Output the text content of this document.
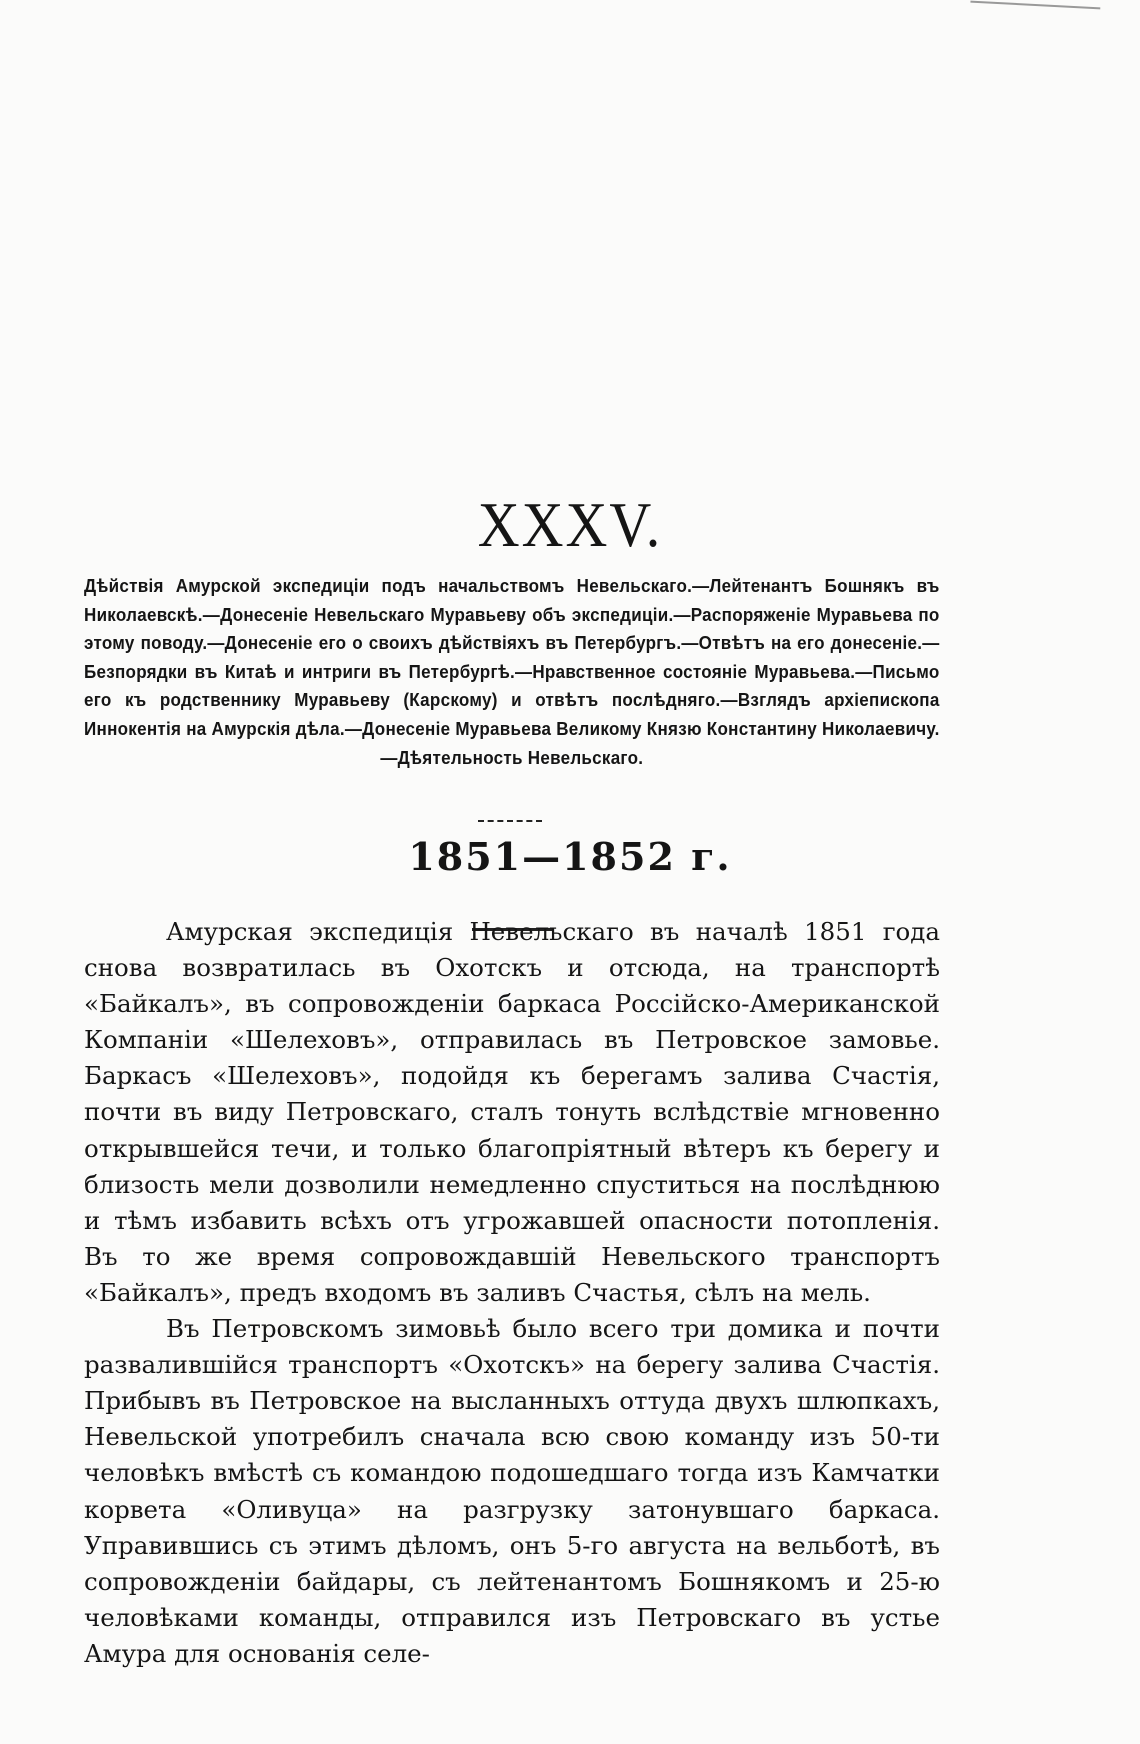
XXXV.
Дѣйствія Амурской экспедиціи подъ начальствомъ Невельскаго.—Лейтенантъ Бошнякъ въ Николаевскѣ.—Донесеніе Невельскаго Муравьеву объ экспедиціи.—Распоряженіе Муравьева по этому поводу.—Донесеніе его о своихъ дѣйствіяхъ въ Петербургъ.—Отвѣтъ на его донесеніе.—Безпорядки въ Китаѣ и интриги въ Петербургѣ.—Нравственное состояніе Муравьева.—Письмо его къ родственнику Муравьеву (Карскому) и отвѣтъ послѣдняго.—Взглядъ архіепископа Иннокентія на Амурскія дѣла.—Донесеніе Муравьева Великому Князю Константину Николаевичу.—Дѣятельность Невельскаго.
1851—1852 г.

Амурская экспедиція Невельскаго въ началѣ 1851 года снова возвратилась въ Охотскъ и отсюда, на транспортѣ «Байкалъ», въ сопровожденіи баркаса Россійско-Американской Компаніи «Шелеховъ», отправилась въ Петровское замовье. Баркасъ «Шелеховъ», подойдя къ берегамъ залива Счастія, почти въ виду Петровскаго, сталъ тонуть вслѣдствіе мгновенно открывшейся течи, и только благопріятный вѣтеръ къ берегу и близость мели дозволили немедленно спуститься на послѣднюю и тѣмъ избавить всѣхъ отъ угрожавшей опасности потопленія. Въ то же время сопровождавшій Невельского транспортъ «Байкалъ», предъ входомъ въ заливъ Счастья, сѣлъ на мель.

Въ Петровскомъ зимовьѣ было всего три домика и почти развалившійся транспортъ «Охотскъ» на берегу залива Счастія. Прибывъ въ Петровское на высланныхъ оттуда двухъ шлюпкахъ, Невельской употребилъ сначала всю свою команду изъ 50-ти человѣкъ вмѣстѣ съ командою подошедшаго тогда изъ Камчатки корвета «Оливуца» на разгрузку затонувшаго баркаса. Управившись съ этимъ дѣломъ, онъ 5-го августа на вельботѣ, въ сопровожденіи байдары, съ лейтенантомъ Бошнякомъ и 25-ю человѣками команды, отправился изъ Петровскаго въ устье Амура для основанія селе-
